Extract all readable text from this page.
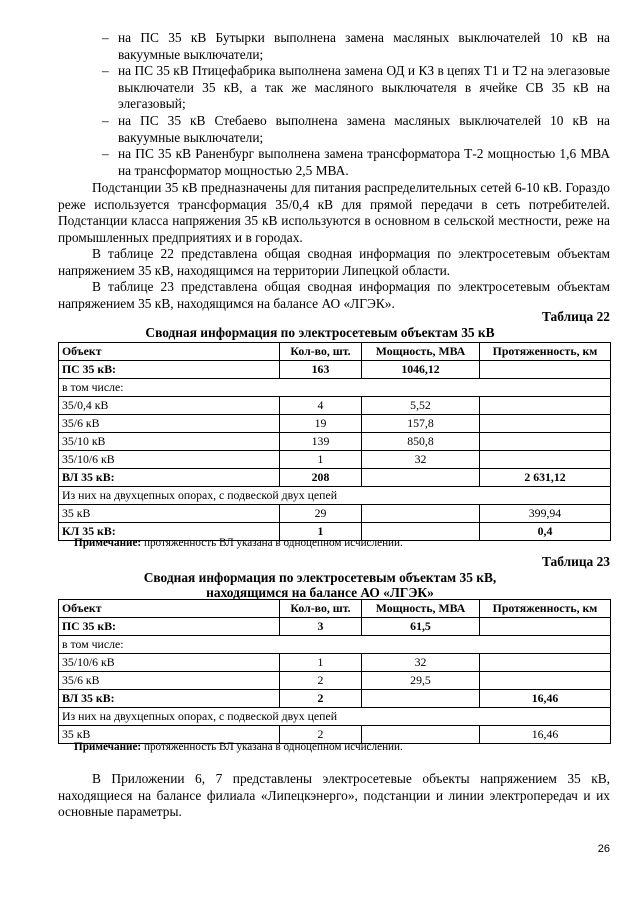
– на ПС 35 кВ Бутырки выполнена замена масляных выключателей 10 кВ на вакуумные выключатели;
– на ПС 35 кВ Птицефабрика выполнена замена ОД и КЗ в цепях Т1 и Т2 на элегазовые выключатели 35 кВ, а так же масляного выключателя в ячейке СВ 35 кВ на элегазовый;
– на ПС 35 кВ Стебаево выполнена замена масляных выключателей 10 кВ на вакуумные выключатели;
– на ПС 35 кВ Раненбург выполнена замена трансформатора Т-2 мощностью 1,6 МВА на трансформатор мощностью 2,5 МВА.
Подстанции 35 кВ предназначены для питания распределительных сетей 6-10 кВ. Гораздо реже используется трансформация 35/0,4 кВ для прямой передачи в сеть потребителей. Подстанции класса напряжения 35 кВ используются в основном в сельской местности, реже на промышленных предприятиях и в городах.
В таблице 22 представлена общая сводная информация по электросетевым объектам напряжением 35 кВ, находящимся на территории Липецкой области.
В таблице 23 представлена общая сводная информация по электросетевым объектам напряжением 35 кВ, находящимся на балансе АО «ЛГЭК».
Таблица 22
Сводная информация по электросетевым объектам 35 кВ
Объект	Кол-во, шт.	Мощность, МВА	Протяженность, км
ПС 35 кВ:	163	1046,12	
в том числе:			
35/0,4 кВ	4	5,52	
35/6 кВ	19	157,8	
35/10 кВ	139	850,8	
35/10/6 кВ	1	32	
ВЛ 35 кВ:	208		2 631,12
Из них на двухцепных опорах, с подвеской двух цепей			
35 кВ	29		399,94
КЛ 35 кВ:	1		0,4
Примечание: протяженность ВЛ указана в одноцепном исчислении.
Таблица 23
Сводная информация по электросетевым объектам 35 кВ,
находящимся на балансе АО «ЛГЭК»
Объект	Кол-во, шт.	Мощность, МВА	Протяженность, км
ПС 35 кВ:	3	61,5	
в том числе:			
35/10/6 кВ	1	32	
35/6 кВ	2	29,5	
ВЛ 35 кВ:	2		16,46
Из них на двухцепных опорах, с подвеской двух цепей			
35 кВ	2		16,46
Примечание: протяженность ВЛ указана в одноцепном исчислении.
В Приложении 6, 7 представлены электросетевые объекты напряжением 35 кВ, находящиеся на балансе филиала «Липецкэнерго», подстанции и линии электропередач и их основные параметры.
26
